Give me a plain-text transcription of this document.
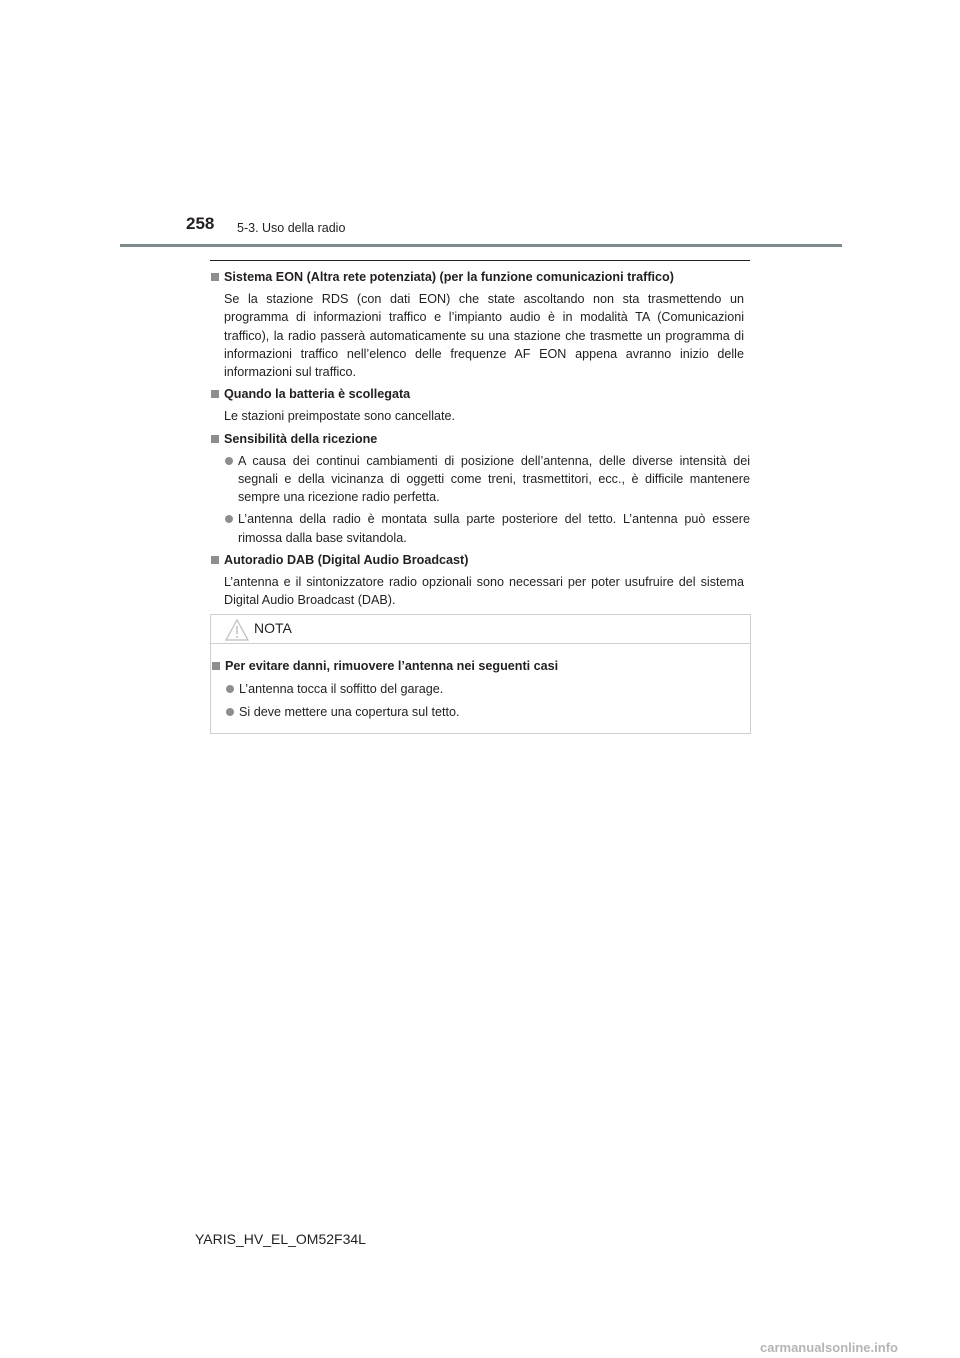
258 5-3. Uso della radio
Sistema EON (Altra rete potenziata) (per la funzione comunicazioni traffico)
Se la stazione RDS (con dati EON) che state ascoltando non sta trasmettendo un programma di informazioni traffico e l’impianto audio è in modalità TA (Comunicazioni traffico), la radio passerà automaticamente su una stazione che trasmette un programma di informazioni traffico nell’elenco delle frequenze AF EON appena avranno inizio delle informazioni sul traffico.
Quando la batteria è scollegata
Le stazioni preimpostate sono cancellate.
Sensibilità della ricezione
A causa dei continui cambiamenti di posizione dell’antenna, delle diverse intensità dei segnali e della vicinanza di oggetti come treni, trasmettitori, ecc., è difficile mantenere sempre una ricezione radio perfetta.
L’antenna della radio è montata sulla parte posteriore del tetto. L’antenna può essere rimossa dalla base svitandola.
Autoradio DAB (Digital Audio Broadcast)
L’antenna e il sintonizzatore radio opzionali sono necessari per poter usufruire del sistema Digital Audio Broadcast (DAB).
NOTA
Per evitare danni, rimuovere l’antenna nei seguenti casi
L’antenna tocca il soffitto del garage.
Si deve mettere una copertura sul tetto.
YARIS_HV_EL_OM52F34L
carmanualsonline.info
